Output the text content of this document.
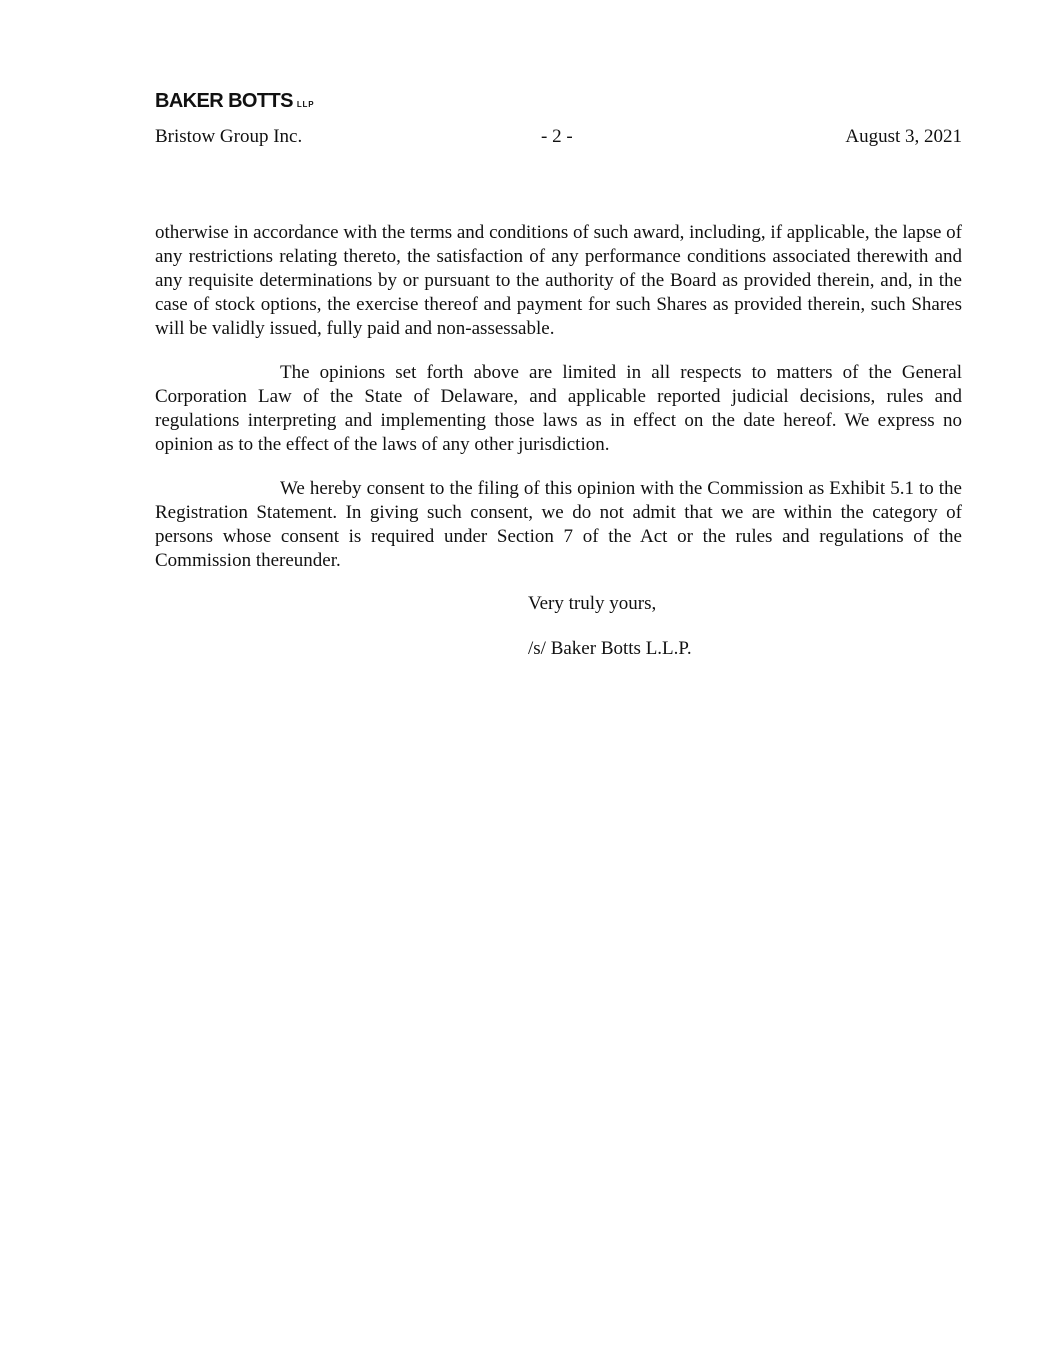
BAKER BOTTS LLP
Bristow Group Inc.	- 2 -	August 3, 2021

otherwise in accordance with the terms and conditions of such award, including, if applicable, the lapse of any restrictions relating thereto, the satisfaction of any performance conditions associated therewith and any requisite determinations by or pursuant to the authority of the Board as provided therein, and, in the case of stock options, the exercise thereof and payment for such Shares as provided therein, such Shares will be validly issued, fully paid and non-assessable.

The opinions set forth above are limited in all respects to matters of the General Corporation Law of the State of Delaware, and applicable reported judicial decisions, rules and regulations interpreting and implementing those laws as in effect on the date hereof. We express no opinion as to the effect of the laws of any other jurisdiction.

We hereby consent to the filing of this opinion with the Commission as Exhibit 5.1 to the Registration Statement. In giving such consent, we do not admit that we are within the category of persons whose consent is required under Section 7 of the Act or the rules and regulations of the Commission thereunder.

Very truly yours,
/s/ Baker Botts L.L.P.
